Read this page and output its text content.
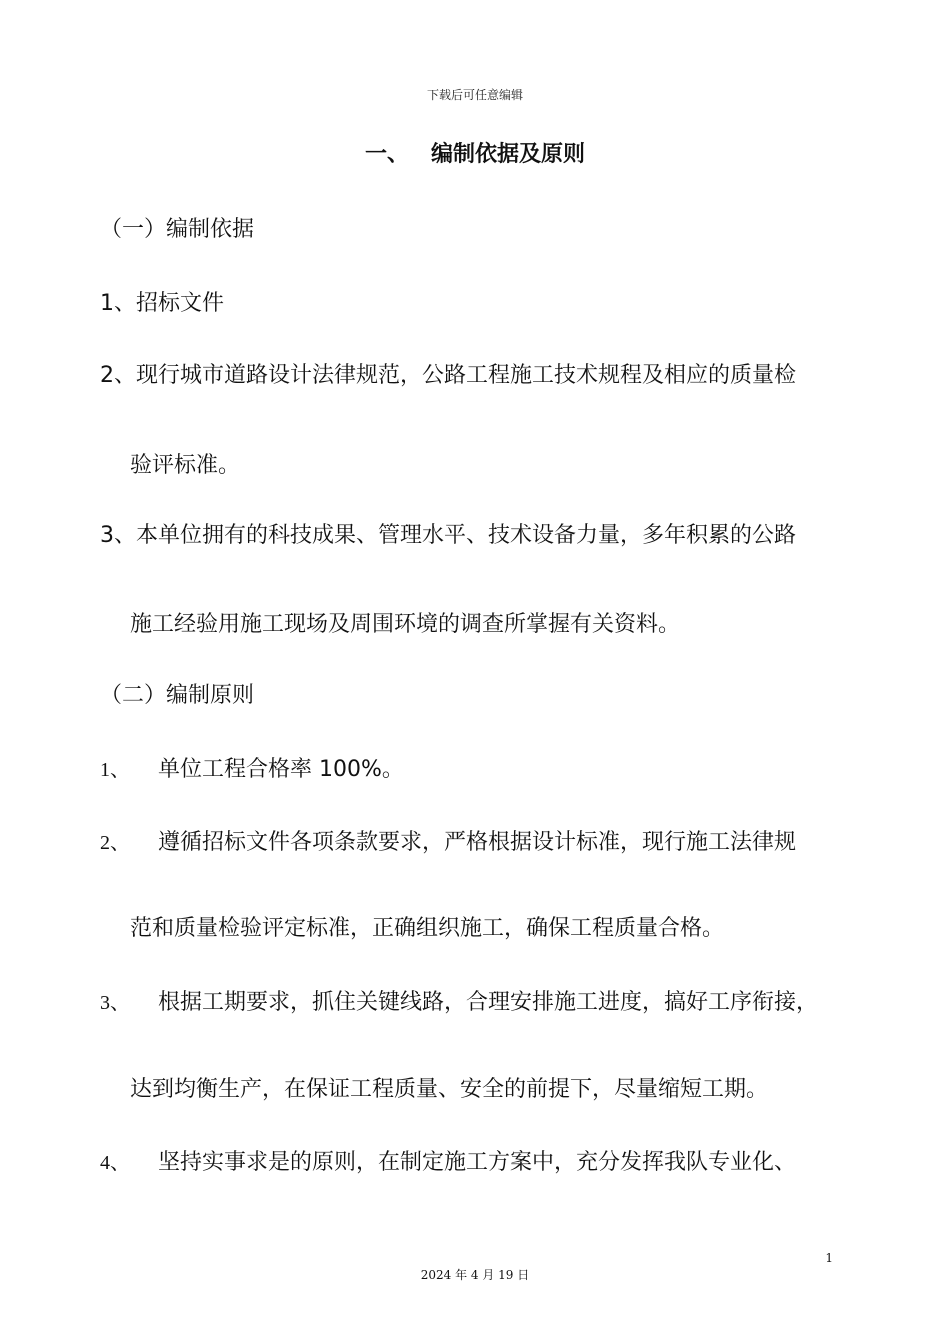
下载后可任意编辑
一、 编制依据及原则
（一）编制依据
1、招标文件
2、现行城市道路设计法律规范，公路工程施工技术规程及相应的质量检
验评标准。
3、本单位拥有的科技成果、管理水平、技术设备力量，多年积累的公路
施工经验用施工现场及周围环境的调查所掌握有关资料。
（二）编制原则
1、 单位工程合格率 100%。
2、 遵循招标文件各项条款要求，严格根据设计标准，现行施工法律规
范和质量检验评定标准，正确组织施工，确保工程质量合格。
3、 根据工期要求，抓住关键线路，合理安排施工进度，搞好工序衔接，
达到均衡生产，在保证工程质量、安全的前提下，尽量缩短工期。
4、 坚持实事求是的原则，在制定施工方案中，充分发挥我队专业化、
1
2024 年 4 月 19 日
